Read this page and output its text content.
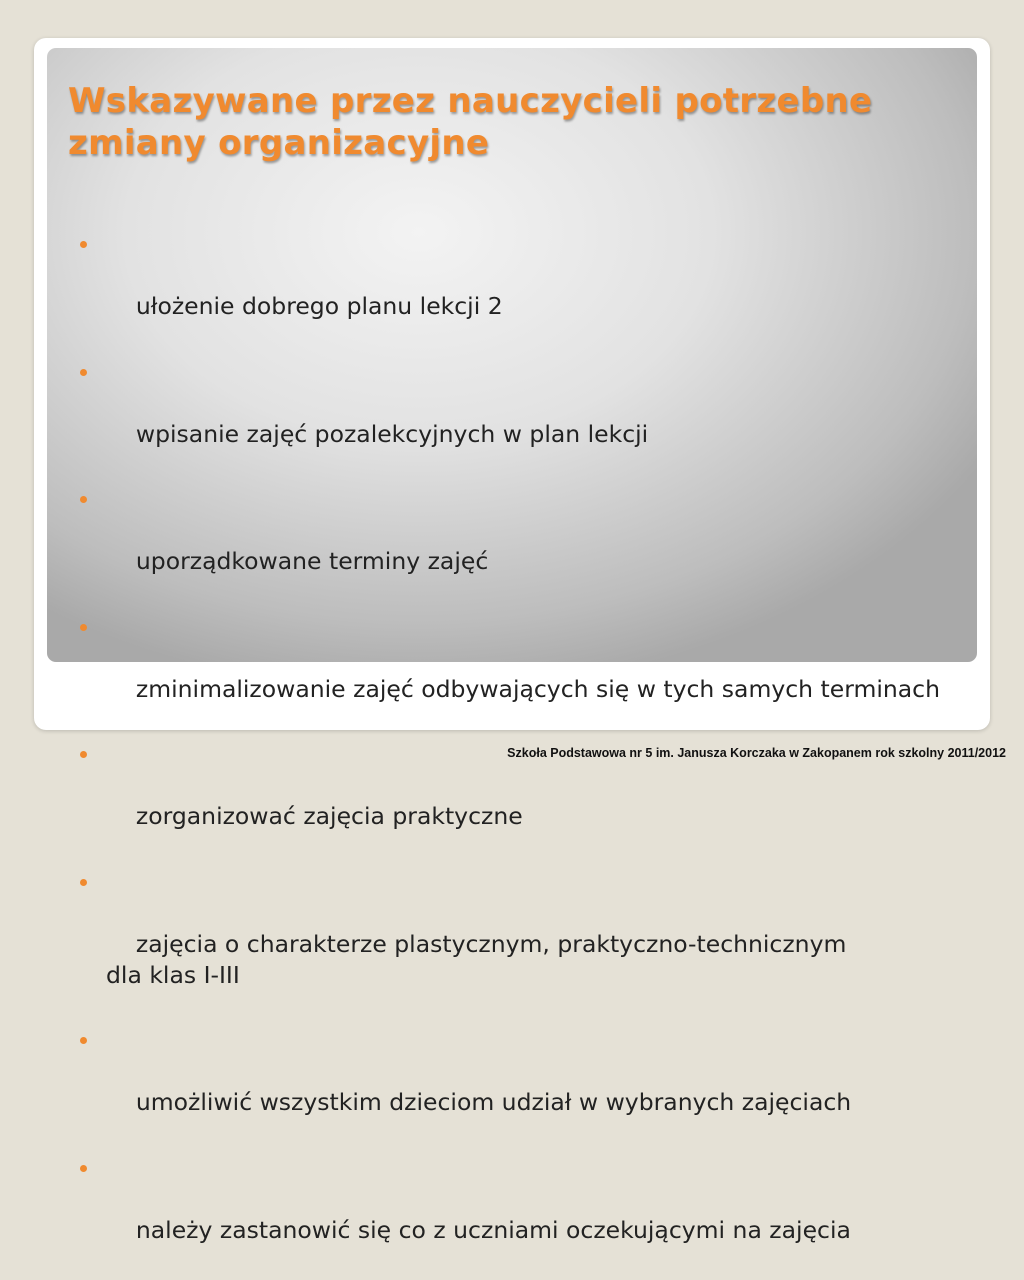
Wskazywane przez nauczycieli potrzebne zmiany organizacyjne

ułożenie dobrego planu lekcji 2

wpisanie zajęć pozalekcyjnych w plan lekcji

uporządkowane terminy zajęć

zminimalizowanie zajęć odbywających się w tych samych terminach

zorganizować zajęcia praktyczne

zajęcia o charakterze plastycznym, praktyczno-technicznym          dla klas I-III

umożliwić wszystkim dzieciom udział w wybranych zajęciach

należy zastanowić się co z uczniami oczekującymi na zajęcia

Szkoła Podstawowa nr 5 im. Janusza Korczaka w Zakopanem rok szkolny 2011/2012
